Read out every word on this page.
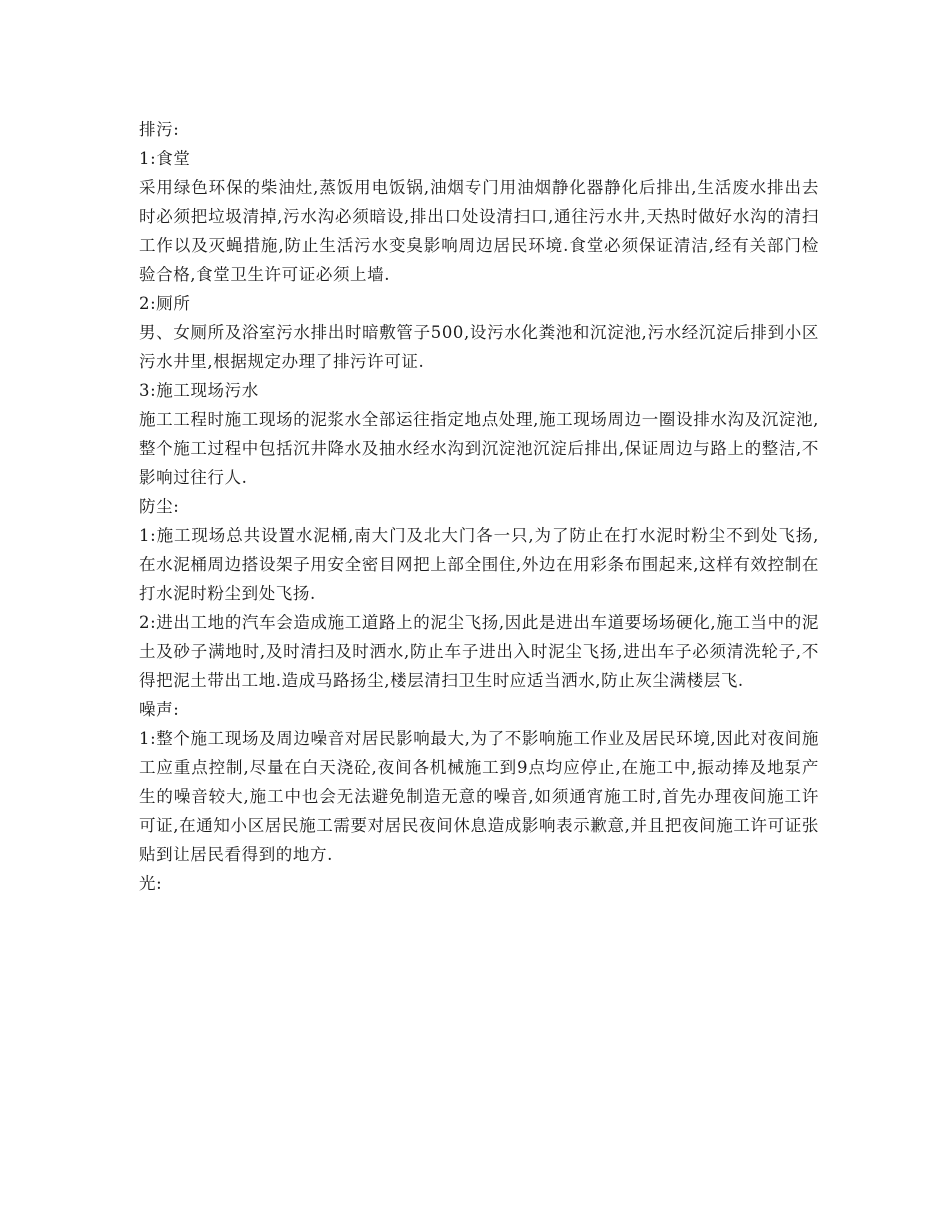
排污:
1:食堂
采用绿色环保的柴油灶,蒸饭用电饭锅,油烟专门用油烟静化器静化后排出,生活废水排出去时必须把垃圾清掉,污水沟必须暗设,排出口处设清扫口,通往污水井,天热时做好水沟的清扫工作以及灭蝇措施,防止生活污水变臭影响周边居民环境.食堂必须保证清洁,经有关部门检验合格,食堂卫生许可证必须上墙.
2:厕所
男、女厕所及浴室污水排出时暗敷管子500,设污水化粪池和沉淀池,污水经沉淀后排到小区污水井里,根据规定办理了排污许可证.
3:施工现场污水
施工工程时施工现场的泥浆水全部运往指定地点处理,施工现场周边一圈设排水沟及沉淀池,整个施工过程中包括沉井降水及抽水经水沟到沉淀池沉淀后排出,保证周边与路上的整洁,不影响过往行人.
防尘:
1:施工现场总共设置水泥桶,南大门及北大门各一只,为了防止在打水泥时粉尘不到处飞扬,在水泥桶周边搭设架子用安全密目网把上部全围住,外边在用彩条布围起来,这样有效控制在打水泥时粉尘到处飞扬.
2:进出工地的汽车会造成施工道路上的泥尘飞扬,因此是进出车道要场场硬化,施工当中的泥土及砂子满地时,及时清扫及时洒水,防止车子进出入时泥尘飞扬,进出车子必须清洗轮子,不得把泥土带出工地.造成马路扬尘,楼层清扫卫生时应适当洒水,防止灰尘满楼层飞.
噪声:
1:整个施工现场及周边噪音对居民影响最大,为了不影响施工作业及居民环境,因此对夜间施工应重点控制,尽量在白天浇砼,夜间各机械施工到9点均应停止,在施工中,振动捧及地泵产生的噪音较大,施工中也会无法避免制造无意的噪音,如须通宵施工时,首先办理夜间施工许可证,在通知小区居民施工需要对居民夜间休息造成影响表示歉意,并且把夜间施工许可证张贴到让居民看得到的地方.
光:
